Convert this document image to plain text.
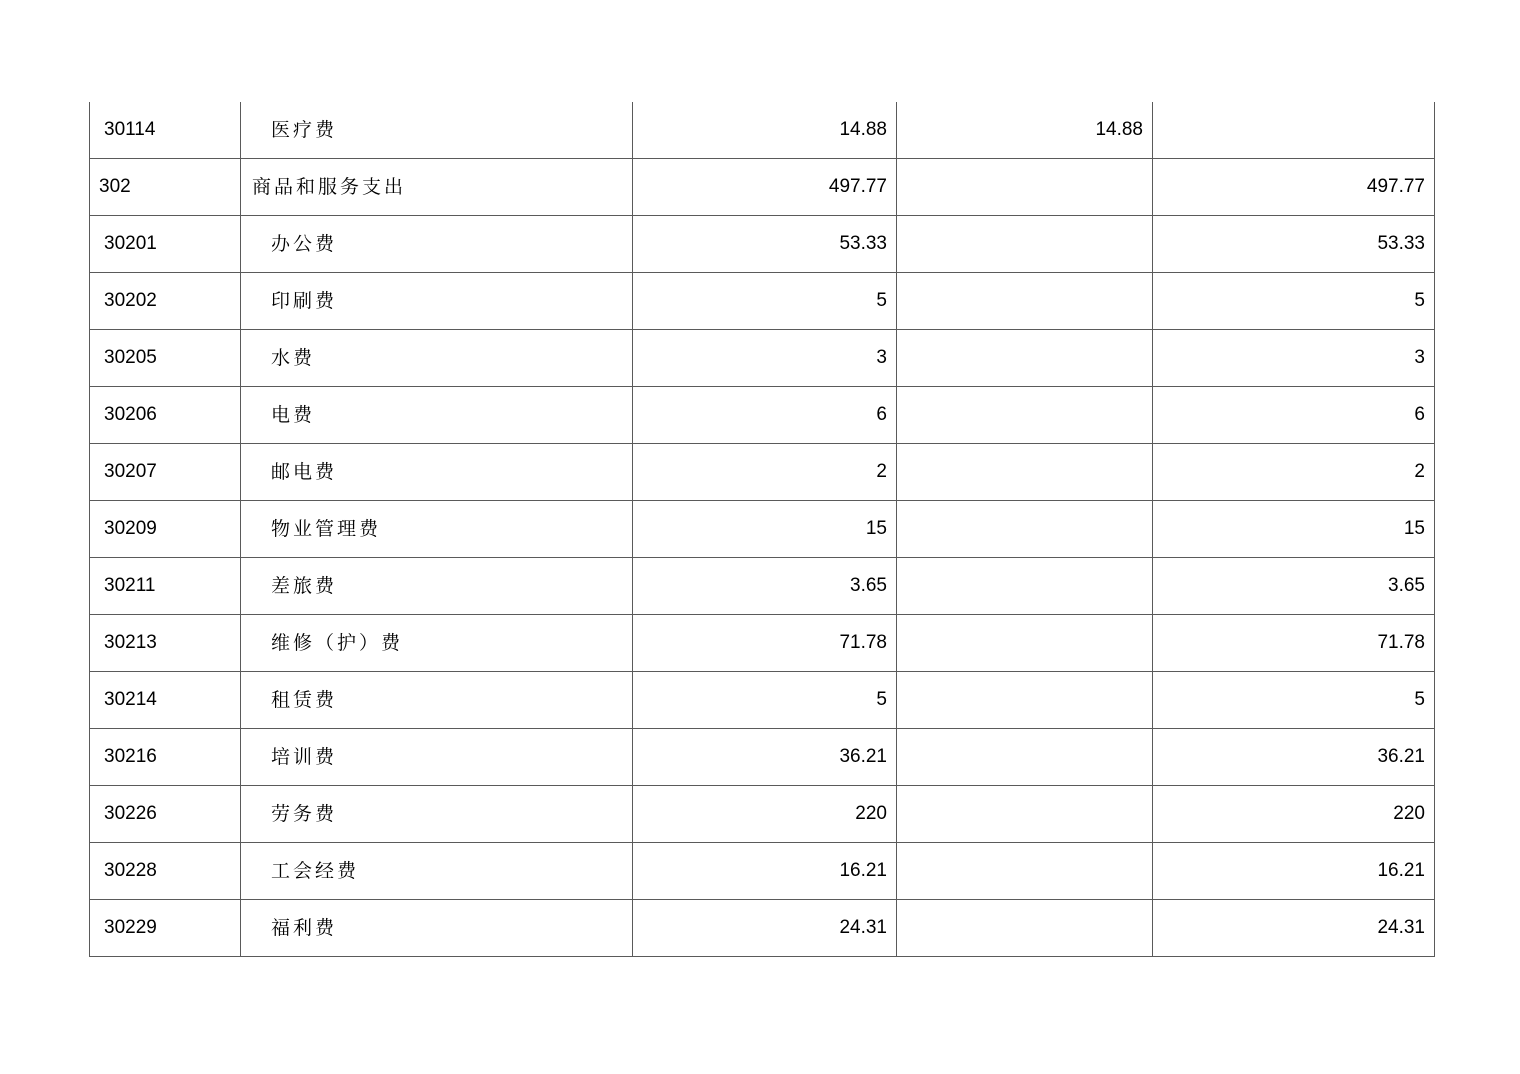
30114	医疗费	14.88	14.88	
302	商品和服务支出	497.77		497.77
30201	办公费	53.33		53.33
30202	印刷费	5		5
30205	水费	3		3
30206	电费	6		6
30207	邮电费	2		2
30209	物业管理费	15		15
30211	差旅费	3.65		3.65
30213	维修（护）费	71.78		71.78
30214	租赁费	5		5
30216	培训费	36.21		36.21
30226	劳务费	220		220
30228	工会经费	16.21		16.21
30229	福利费	24.31		24.31
